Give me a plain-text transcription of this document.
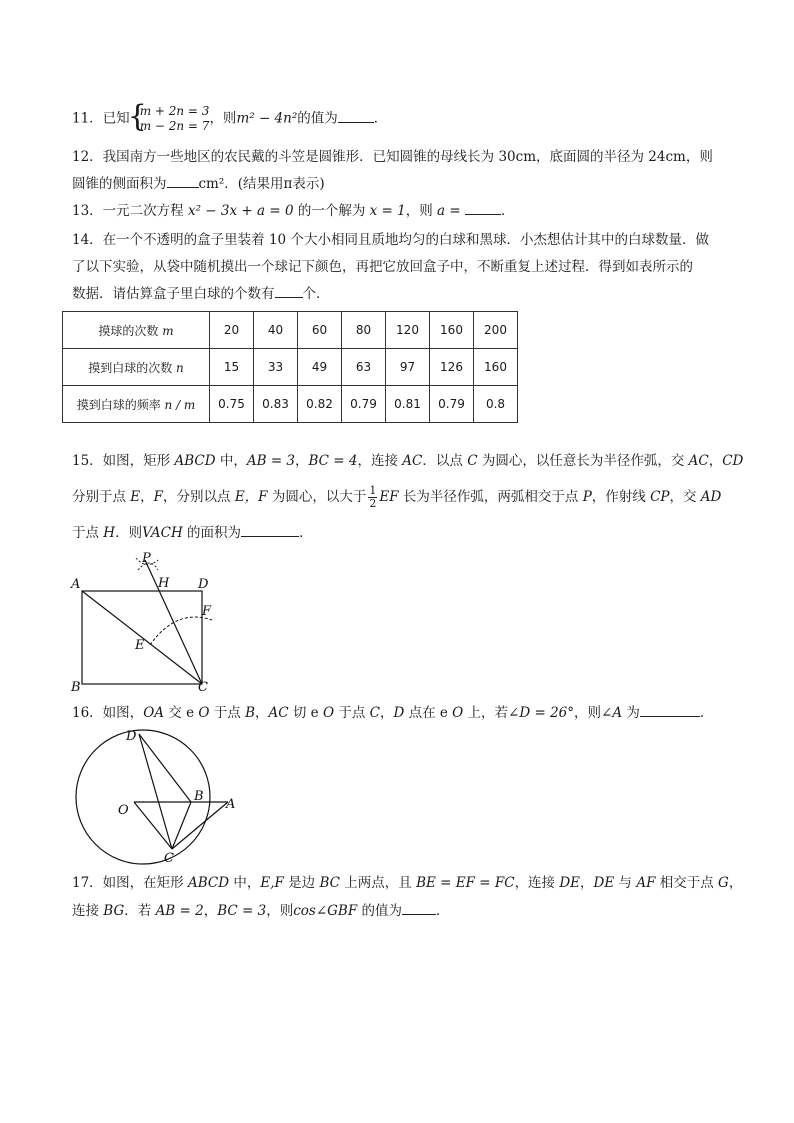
11．已知
{
m + 2n = 3
m − 2n = 7，则m² − 4n²的值为	．
12．我国南方一些地区的农民戴的斗笠是圆锥形．已知圆锥的母线长为 30cm，底面圆的半径为 24cm，则
圆锥的侧面积为 cm²．(结果用π表示)
13．一元二次方程 x² − 3x + a = 0 的一个解为 x = 1，则 a =	．
14．在一个不透明的盒子里装着 10 个大小相同且质地均匀的白球和黑球．小杰想估计其中的白球数量．做
了以下实验，从袋中随机摸出一个球记下颜色，再把它放回盒子中，不断重复上述过程．得到如表所示的
数据．请估算盒子里白球的个数有 个．
摸球的次数 m	20	40	60	80	120	160	200
摸到白球的次数 n	15	33	49	63	97	126	160
摸到白球的频率 n / m	0.75	0.83	0.82	0.79	0.81	0.79	0.8
15．如图，矩形 ABCD 中，AB = 3，BC = 4，连接 AC．以点 C 为圆心，以任意长为半径作弧，交 AC，CD
分别于点 E，F，分别以点 E，F 为圆心，以大于 $\frac{1}{2}$ EF 长为半径作弧，两弧相交于点 P，作射线 CP，交 AD
于点 H．则VACH 的面积为	．
P
H
A	D
F
E
B	C
16．如图，OA 交 e O 于点 B，AC 切 e O 于点 C，D 点在 e O 上，若∠D = 26°，则∠A 为	．
D
O
B
A
C
17．如图，在矩形 ABCD 中，E,F 是边 BC 上两点，且 BE = EF = FC，连接 DE，DE 与 AF 相交于点 G，
连接 BG．若 AB = 2，BC = 3，则cos∠GBF 的值为	．
